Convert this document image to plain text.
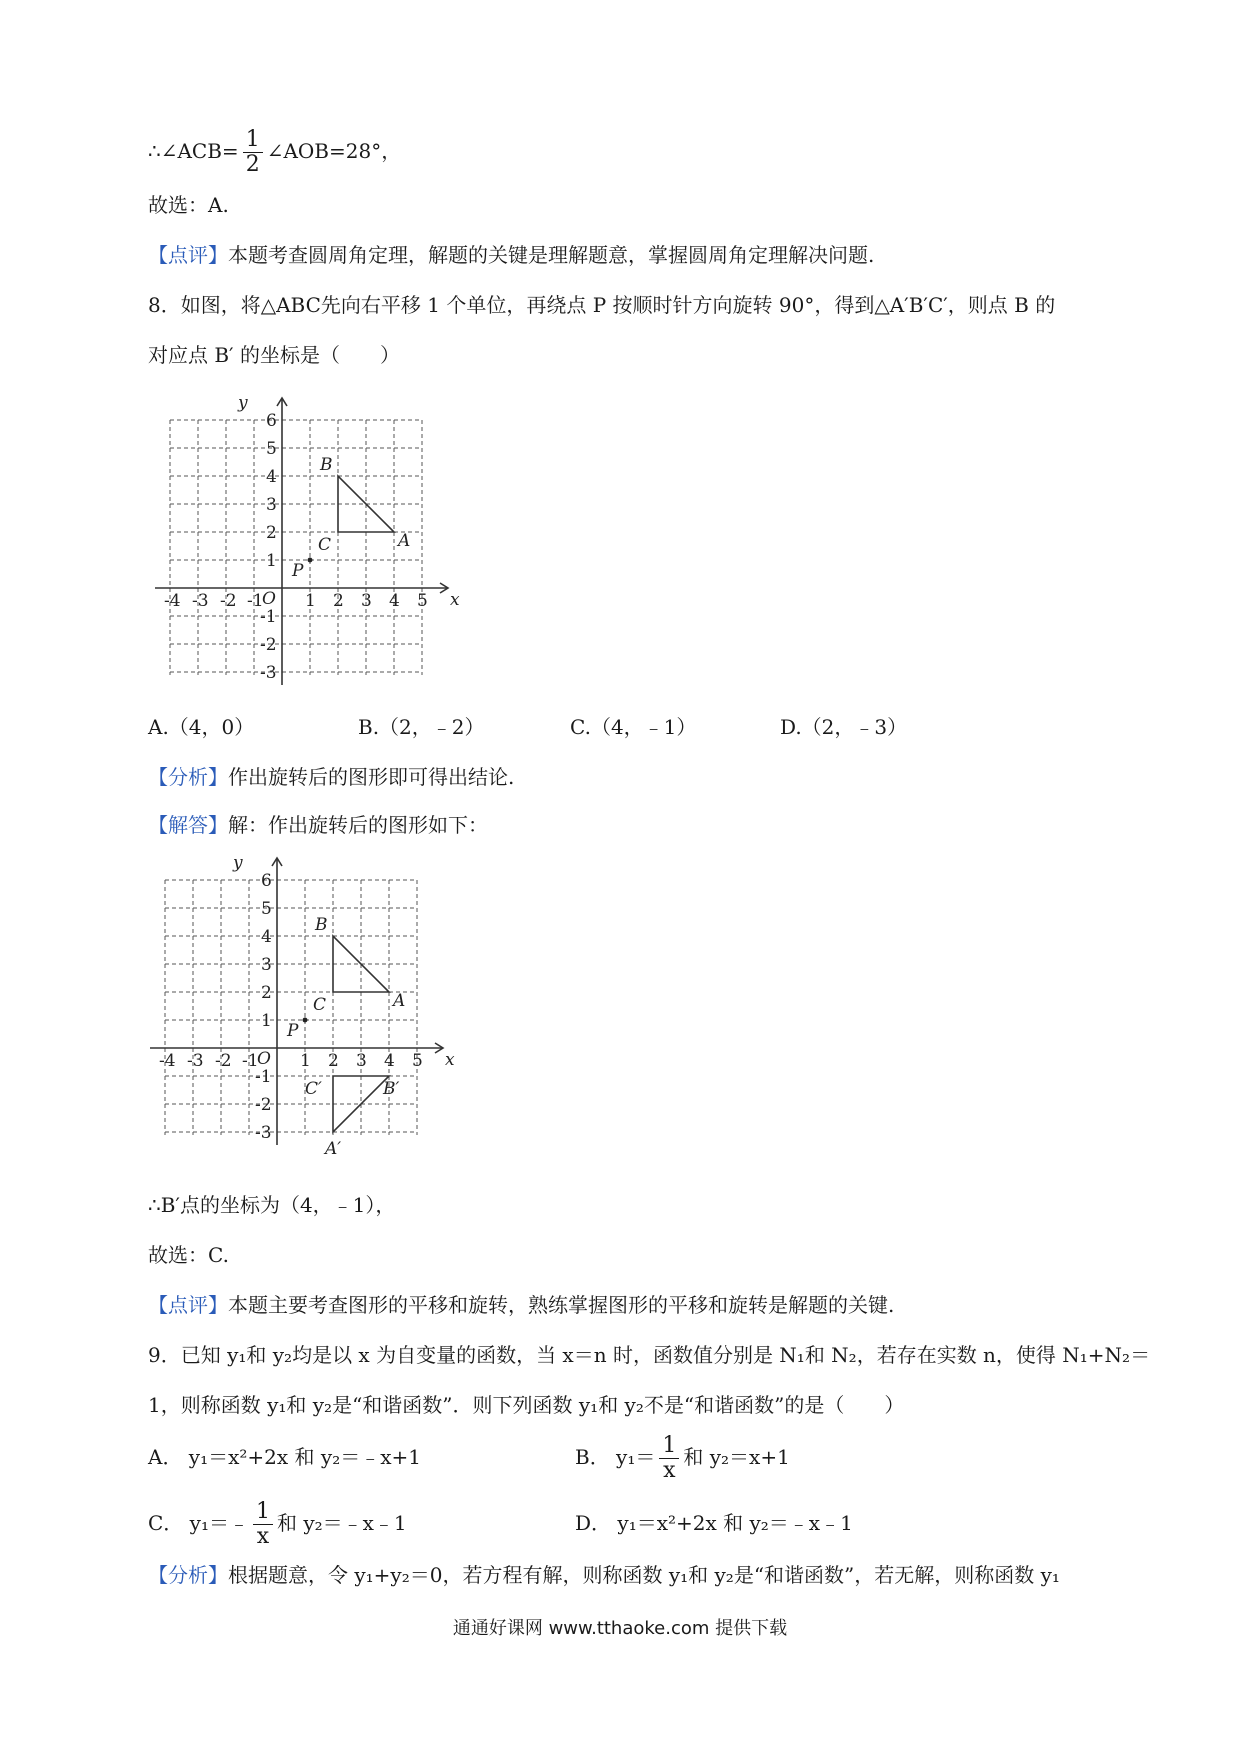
∴∠ACB= $\frac{1}{2}$ ∠AOB=28°，
故选：A.
【点评】本题考查圆周角定理，解题的关键是理解题意，掌握圆周角定理解决问题.
8．如图，将△ABC先向右平移 1 个单位，再绕点 P 按顺时针方向旋转 90°，得到△A′B′C′，则点 B 的
对应点 B′ 的坐标是（　　）
y
x
O
-4 -3 -2 -1 1 2 3 4 5
6
5
4
3
2
1
-1
-2
-3
B
A
C
P
A.（4，0）	B.（2，﹣2）	C.（4，﹣1）	D.（2，﹣3）
【分析】作出旋转后的图形即可得出结论.
【解答】解：作出旋转后的图形如下：
y
x
O
-4 -3 -2 -1 1 2 3 4 5
6
5
4
3
2
1
-1
-2
-3
B
A
C
P
C′	B′
A′
∴B′点的坐标为（4，﹣1），
故选：C.
【点评】本题主要考查图形的平移和旋转，熟练掌握图形的平移和旋转是解题的关键.
9．已知 y₁和 y₂均是以 x 为自变量的函数，当 x＝n 时，函数值分别是 N₁和 N₂，若存在实数 n，使得 N₁+N₂＝
1，则称函数 y₁和 y₂是“和谐函数”．则下列函数 y₁和 y₂不是“和谐函数”的是（　　）
A． y₁＝x²+2x 和 y₂＝﹣x+1	B． $y_1= \frac{1}{x}$ 和 y₂＝x+1
C． y₁＝﹣ $\frac{1}{x}$ 和 y₂＝﹣x﹣1	D． y₁＝x²+2x 和 y₂＝﹣x﹣1
【分析】根据题意，令 y₁+y₂＝0，若方程有解，则称函数 y₁和 y₂是“和谐函数”，若无解，则称函数 y₁
通通好课网 www.tthaoke.com 提供下载
